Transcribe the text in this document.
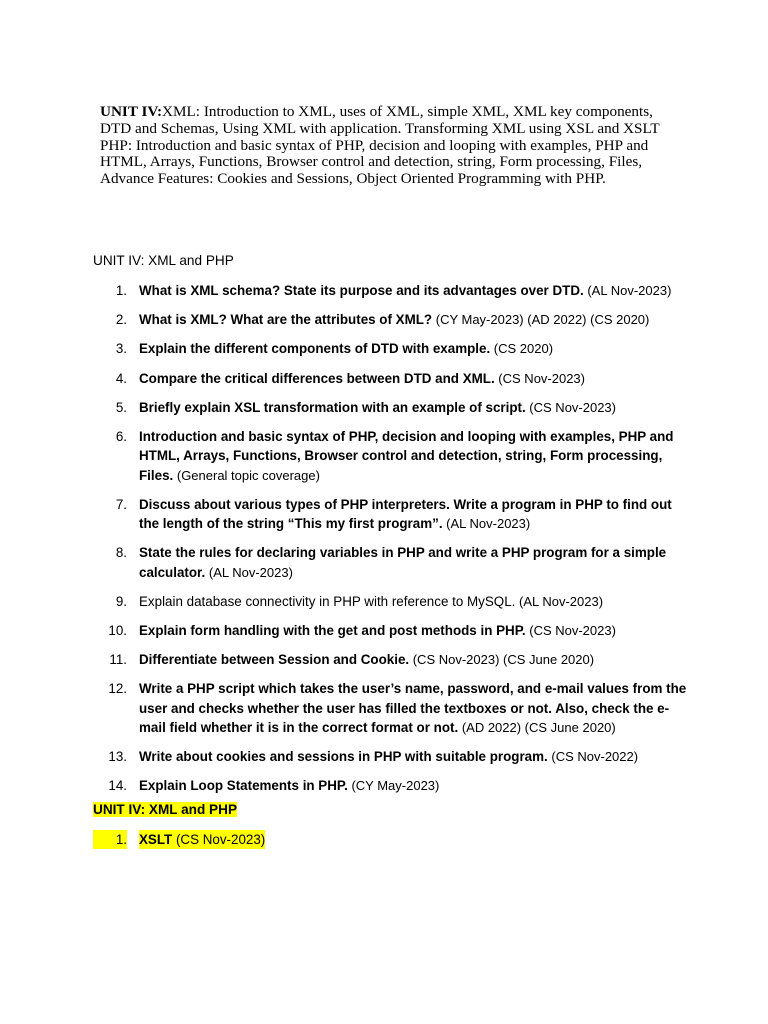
UNIT IV:XML: Introduction to XML, uses of XML, simple XML, XML key components, DTD and Schemas, Using XML with application. Transforming XML using XSL and XSLT PHP: Introduction and basic syntax of PHP, decision and looping with examples, PHP and HTML, Arrays, Functions, Browser control and detection, string, Form processing, Files, Advance Features: Cookies and Sessions, Object Oriented Programming with PHP.
UNIT IV: XML and PHP
1. What is XML schema? State its purpose and its advantages over DTD. (AL Nov-2023)
2. What is XML? What are the attributes of XML? (CY May-2023) (AD 2022) (CS 2020)
3. Explain the different components of DTD with example. (CS 2020)
4. Compare the critical differences between DTD and XML. (CS Nov-2023)
5. Briefly explain XSL transformation with an example of script. (CS Nov-2023)
6. Introduction and basic syntax of PHP, decision and looping with examples, PHP and HTML, Arrays, Functions, Browser control and detection, string, Form processing, Files. (General topic coverage)
7. Discuss about various types of PHP interpreters. Write a program in PHP to find out the length of the string “This my first program”. (AL Nov-2023)
8. State the rules for declaring variables in PHP and write a PHP program for a simple calculator. (AL Nov-2023)
9. Explain database connectivity in PHP with reference to MySQL. (AL Nov-2023)
10. Explain form handling with the get and post methods in PHP. (CS Nov-2023)
11. Differentiate between Session and Cookie. (CS Nov-2023) (CS June 2020)
12. Write a PHP script which takes the user’s name, password, and e-mail values from the user and checks whether the user has filled the textboxes or not. Also, check the e-mail field whether it is in the correct format or not. (AD 2022) (CS June 2020)
13. Write about cookies and sessions in PHP with suitable program. (CS Nov-2022)
14. Explain Loop Statements in PHP. (CY May-2023)
UNIT IV: XML and PHP
1. XSLT (CS Nov-2023)
